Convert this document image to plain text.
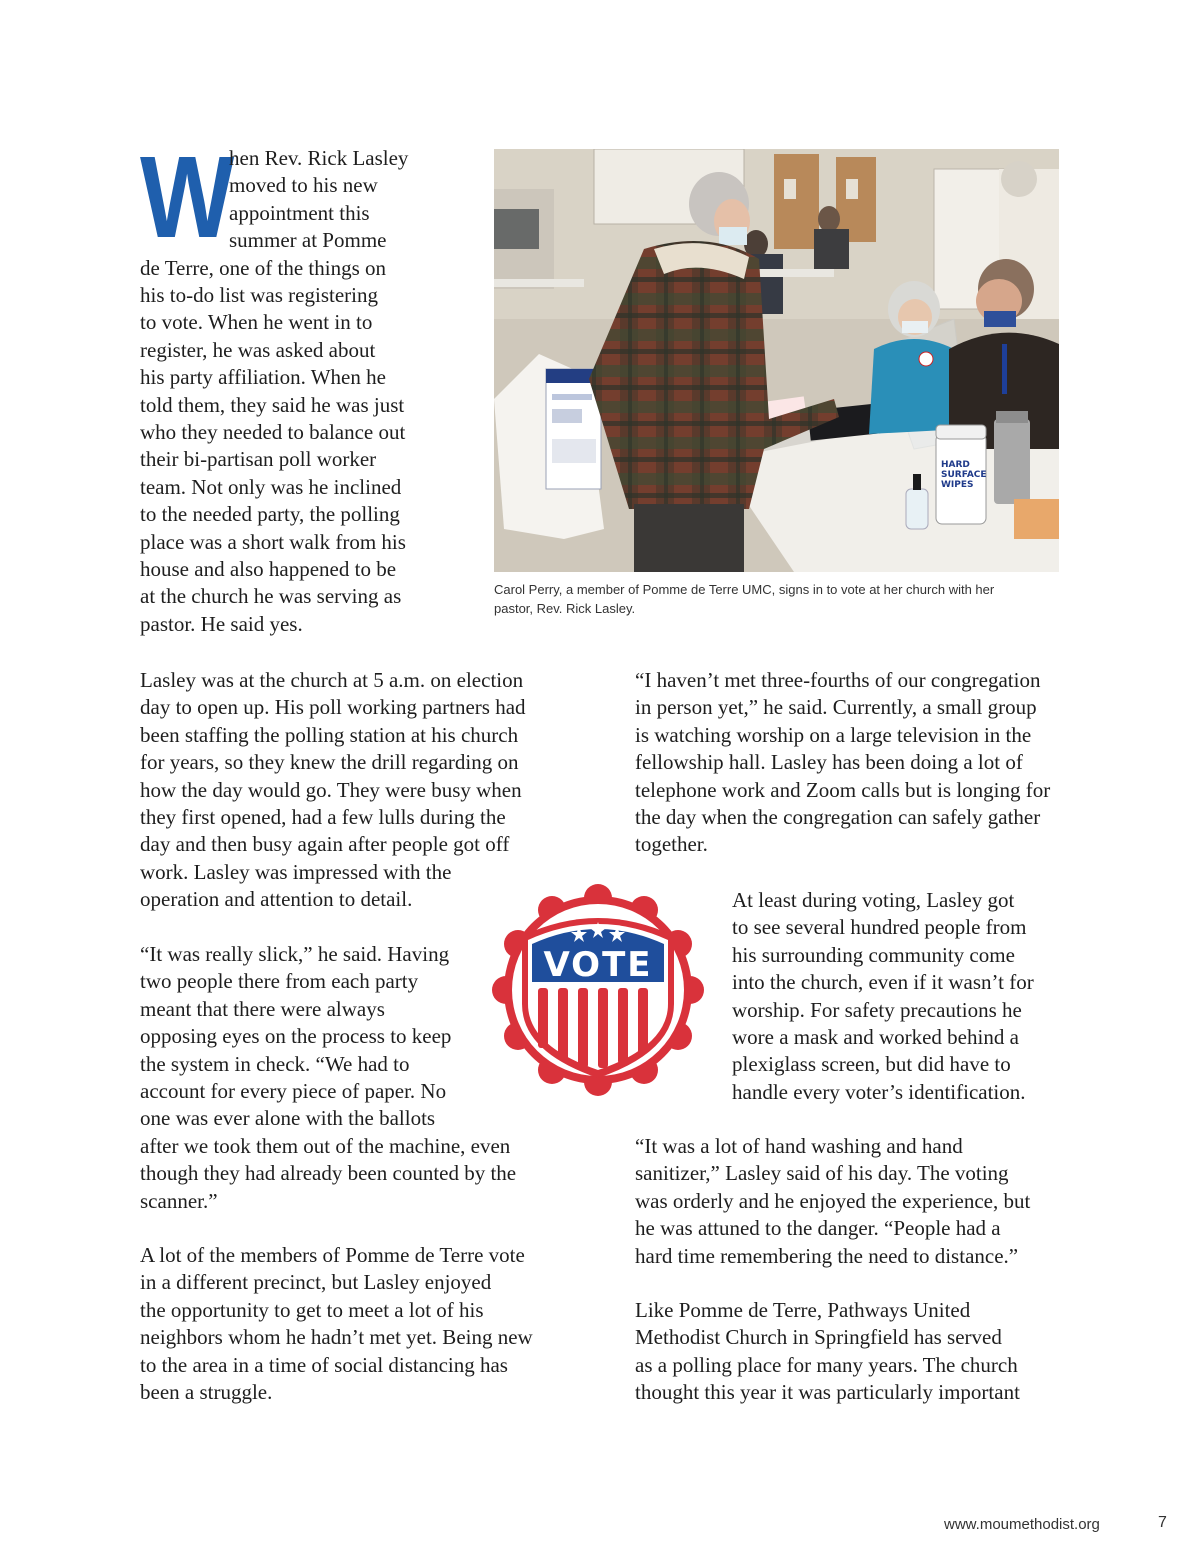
W

hen Rev. Rick Lasley
moved to his new
appointment this
summer at Pomme

de Terre, one of the things on
his to-do list was registering
to vote. When he went in to
register, he was asked about
his party affiliation. When he
told them, they said he was just
who they needed to balance out
their bi-partisan poll worker
team. Not only was he inclined
to the needed party, the polling
place was a short walk from his
house and also happened to be
at the church he was serving as
pastor. He said yes.

HARD SURFACE WIPES

Carol Perry, a member of Pomme de Terre UMC, signs in to vote at her church with her
pastor, Rev. Rick Lasley.

Lasley was at the church at 5 a.m. on election
day to open up. His poll working partners had
been staffing the polling station at his church
for years, so they knew the drill regarding on
how the day would go. They were busy when
they first opened, had a few lulls during the
day and then busy again after people got off
work. Lasley was impressed with the
operation and attention to detail.

“It was really slick,” he said. Having
two people there from each party
meant that there were always
opposing eyes on the process to keep
the system in check. “We had to
account for every piece of paper. No
one was ever alone with the ballots

after we took them out of the machine, even
though they had already been counted by the
scanner.”

A lot of the members of Pomme de Terre vote
in a different precinct, but Lasley enjoyed
the opportunity to get to meet a lot of his
neighbors whom he hadn’t met yet. Being new
to the area in a time of social distancing has
been a struggle.

“I haven’t met three-fourths of our congregation
in person yet,” he said. Currently, a small group
is watching worship on a large television in the
fellowship hall. Lasley has been doing a lot of
telephone work and Zoom calls but is longing for
the day when the congregation can safely gather
together.

At least during voting, Lasley got
to see several hundred people from
his surrounding community come
into the church, even if it wasn’t for
worship. For safety precautions he
wore a mask and worked behind a
plexiglass screen, but did have to
handle every voter’s identification.

“It was a lot of hand washing and hand
sanitizer,” Lasley said of his day. The voting
was orderly and he enjoyed the experience, but
he was attuned to the danger. “People had a
hard time remembering the need to distance.”

Like Pomme de Terre, Pathways United
Methodist Church in Springfield has served
as a polling place for many years. The church
thought this year it was particularly important

VOTE
www.moumethodist.org	7
